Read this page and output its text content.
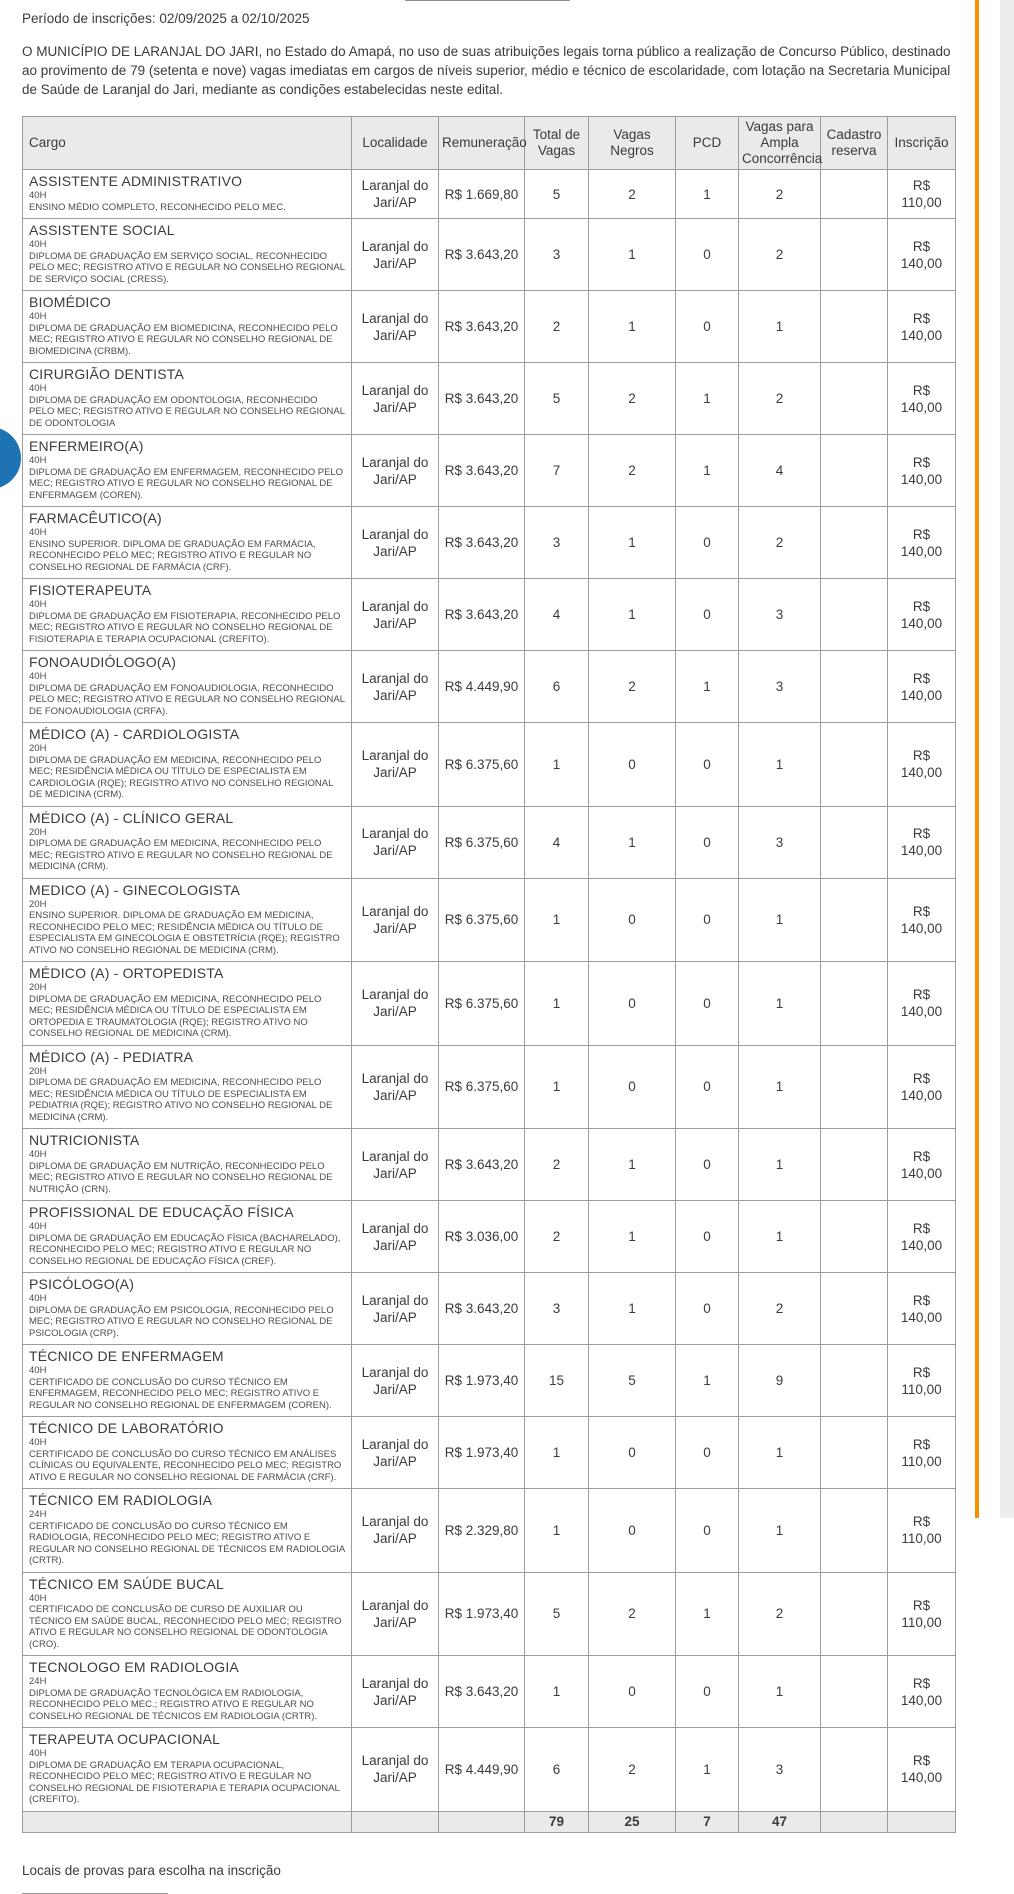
Período de inscrições: 02/09/2025 a 02/10/2025

O MUNICÍPIO DE LARANJAL DO JARI, no Estado do Amapá, no uso de suas atribuições legais torna público a realização de Concurso Público, destinado ao provimento de 79 (setenta e nove) vagas imediatas em cargos de níveis superior, médio e técnico de escolaridade, com lotação na Secretaria Municipal de Saúde de Laranjal do Jari, mediante as condições estabelecidas neste edital.

Cargo	Localidade	Remuneração	Total de Vagas	Vagas Negros	PCD	Vagas para Ampla Concorrência	Cadastro reserva	Inscrição

ASSISTENTE ADMINISTRATIVO
40H
ENSINO MÉDIO COMPLETO, RECONHECIDO PELO MEC.	Laranjal do Jari/AP	R$ 1.669,80	5	2	1	2		R$ 110,00

ASSISTENTE SOCIAL
40H
DIPLOMA DE GRADUAÇÃO EM SERVIÇO SOCIAL, RECONHECIDO PELO MEC; REGISTRO ATIVO E REGULAR NO CONSELHO REGIONAL DE SERVIÇO SOCIAL (CRESS).	Laranjal do Jari/AP	R$ 3.643,20	3	1	0	2		R$ 140,00

BIOMÉDICO
40H
DIPLOMA DE GRADUAÇÃO EM BIOMEDICINA, RECONHECIDO PELO MEC; REGISTRO ATIVO E REGULAR NO CONSELHO REGIONAL DE BIOMEDICINA (CRBM).	Laranjal do Jari/AP	R$ 3.643,20	2	1	0	1		R$ 140,00

CIRURGIÃO DENTISTA
40H
DIPLOMA DE GRADUAÇÃO EM ODONTOLOGIA, RECONHECIDO PELO MEC; REGISTRO ATIVO E REGULAR NO CONSELHO REGIONAL DE ODONTOLOGIA	Laranjal do Jari/AP	R$ 3.643,20	5	2	1	2		R$ 140,00

ENFERMEIRO(A)
40H
DIPLOMA DE GRADUAÇÃO EM ENFERMAGEM, RECONHECIDO PELO MEC; REGISTRO ATIVO E REGULAR NO CONSELHO REGIONAL DE ENFERMAGEM (COREN).	Laranjal do Jari/AP	R$ 3.643,20	7	2	1	4		R$ 140,00

FARMACÊUTICO(A)
40H
ENSINO SUPERIOR. DIPLOMA DE GRADUAÇÃO EM FARMÁCIA, RECONHECIDO PELO MEC; REGISTRO ATIVO E REGULAR NO CONSELHO REGIONAL DE FARMÁCIA (CRF).	Laranjal do Jari/AP	R$ 3.643,20	3	1	0	2		R$ 140,00

FISIOTERAPEUTA
40H
DIPLOMA DE GRADUAÇÃO EM FISIOTERAPIA, RECONHECIDO PELO MEC; REGISTRO ATIVO E REGULAR NO CONSELHO REGIONAL DE FISIOTERAPIA E TERAPIA OCUPACIONAL (CREFITO).	Laranjal do Jari/AP	R$ 3.643,20	4	1	0	3		R$ 140,00

FONOAUDIÓLOGO(A)
40H
DIPLOMA DE GRADUAÇÃO EM FONOAUDIOLOGIA, RECONHECIDO PELO MEC; REGISTRO ATIVO E REGULAR NO CONSELHO REGIONAL DE FONOAUDIOLOGIA (CRFA).	Laranjal do Jari/AP	R$ 4.449,90	6	2	1	3		R$ 140,00

MÉDICO (A) - CARDIOLOGISTA
20H
DIPLOMA DE GRADUAÇÃO EM MEDICINA, RECONHECIDO PELO MEC; RESIDÊNCIA MÉDICA OU TÍTULO DE ESPECIALISTA EM CARDIOLOGIA (RQE); REGISTRO ATIVO NO CONSELHO REGIONAL DE MEDICINA (CRM).	Laranjal do Jari/AP	R$ 6.375,60	1	0	0	1		R$ 140,00

MÉDICO (A) - CLÍNICO GERAL
20H
DIPLOMA DE GRADUAÇÃO EM MEDICINA, RECONHECIDO PELO MEC; REGISTRO ATIVO E REGULAR NO CONSELHO REGIONAL DE MEDICINA (CRM).	Laranjal do Jari/AP	R$ 6.375,60	4	1	0	3		R$ 140,00

MEDICO (A) - GINECOLOGISTA
20H
ENSINO SUPERIOR. DIPLOMA DE GRADUAÇÃO EM MEDICINA, RECONHECIDO PELO MEC; RESIDÊNCIA MÉDICA OU TÍTULO DE ESPECIALISTA EM GINECOLOGIA E OBSTETRÍCIA (RQE); REGISTRO ATIVO NO CONSELHO REGIONAL DE MEDICINA (CRM).	Laranjal do Jari/AP	R$ 6.375,60	1	0	0	1		R$ 140,00

MÉDICO (A) - ORTOPEDISTA
20H
DIPLOMA DE GRADUAÇÃO EM MEDICINA, RECONHECIDO PELO MEC; RESIDÊNCIA MÉDICA OU TÍTULO DE ESPECIALISTA EM ORTOPEDIA E TRAUMATOLOGIA (RQE); REGISTRO ATIVO NO CONSELHO REGIONAL DE MEDICINA (CRM).	Laranjal do Jari/AP	R$ 6.375,60	1	0	0	1		R$ 140,00

MÉDICO (A) - PEDIATRA
20H
DIPLOMA DE GRADUAÇÃO EM MEDICINA, RECONHECIDO PELO MEC; RESIDÊNCIA MÉDICA OU TÍTULO DE ESPECIALISTA EM PEDIATRIA (RQE); REGISTRO ATIVO NO CONSELHO REGIONAL DE MEDICINA (CRM).	Laranjal do Jari/AP	R$ 6.375,60	1	0	0	1		R$ 140,00

NUTRICIONISTA
40H
DIPLOMA DE GRADUAÇÃO EM NUTRIÇÃO, RECONHECIDO PELO MEC; REGISTRO ATIVO E REGULAR NO CONSELHO REGIONAL DE NUTRIÇÃO (CRN).	Laranjal do Jari/AP	R$ 3.643,20	2	1	0	1		R$ 140,00

PROFISSIONAL DE EDUCAÇÃO FÍSICA
40H
DIPLOMA DE GRADUAÇÃO EM EDUCAÇÃO FÍSICA (BACHARELADO), RECONHECIDO PELO MEC; REGISTRO ATIVO E REGULAR NO CONSELHO REGIONAL DE EDUCAÇÃO FÍSICA (CREF).	Laranjal do Jari/AP	R$ 3.036,00	2	1	0	1		R$ 140,00

PSICÓLOGO(A)
40H
DIPLOMA DE GRADUAÇÃO EM PSICOLOGIA, RECONHECIDO PELO MEC; REGISTRO ATIVO E REGULAR NO CONSELHO REGIONAL DE PSICOLOGIA (CRP).	Laranjal do Jari/AP	R$ 3.643,20	3	1	0	2		R$ 140,00

TÉCNICO DE ENFERMAGEM
40H
CERTIFICADO DE CONCLUSÃO DO CURSO TÉCNICO EM ENFERMAGEM, RECONHECIDO PELO MEC; REGISTRO ATIVO E REGULAR NO CONSELHO REGIONAL DE ENFERMAGEM (COREN).	Laranjal do Jari/AP	R$ 1.973,40	15	5	1	9		R$ 110,00

TÉCNICO DE LABORATÓRIO
40H
CERTIFICADO DE CONCLUSÃO DO CURSO TÉCNICO EM ANÁLISES CLÍNICAS OU EQUIVALENTE, RECONHECIDO PELO MEC; REGISTRO ATIVO E REGULAR NO CONSELHO REGIONAL DE FARMÁCIA (CRF).	Laranjal do Jari/AP	R$ 1.973,40	1	0	0	1		R$ 110,00

TÉCNICO EM RADIOLOGIA
24H
CERTIFICADO DE CONCLUSÃO DO CURSO TÉCNICO EM RADIOLOGIA, RECONHECIDO PELO MEC; REGISTRO ATIVO E REGULAR NO CONSELHO REGIONAL DE TÉCNICOS EM RADIOLOGIA (CRTR).	Laranjal do Jari/AP	R$ 2.329,80	1	0	0	1		R$ 110,00

TÉCNICO EM SAÚDE BUCAL
40H
CERTIFICADO DE CONCLUSÃO DE CURSO DE AUXILIAR OU TÉCNICO EM SAÚDE BUCAL, RECONHECIDO PELO MEC; REGISTRO ATIVO E REGULAR NO CONSELHO REGIONAL DE ODONTOLOGIA (CRO).	Laranjal do Jari/AP	R$ 1.973,40	5	2	1	2		R$ 110,00

TECNOLOGO EM RADIOLOGIA
24H
DIPLOMA DE GRADUAÇÃO TECNOLÓGICA EM RADIOLOGIA, RECONHECIDO PELO MEC.; REGISTRO ATIVO E REGULAR NO CONSELHO REGIONAL DE TÉCNICOS EM RADIOLOGIA (CRTR).	Laranjal do Jari/AP	R$ 3.643,20	1	0	0	1		R$ 140,00

TERAPEUTA OCUPACIONAL
40H
DIPLOMA DE GRADUAÇÃO EM TERAPIA OCUPACIONAL, RECONHECIDO PELO MEC; REGISTRO ATIVO E REGULAR NO CONSELHO REGIONAL DE FISIOTERAPIA E TERAPIA OCUPACIONAL (CREFITO).	Laranjal do Jari/AP	R$ 4.449,90	6	2	1	3		R$ 140,00
			79	25	7	47		

Locais de provas para escolha na inscrição
